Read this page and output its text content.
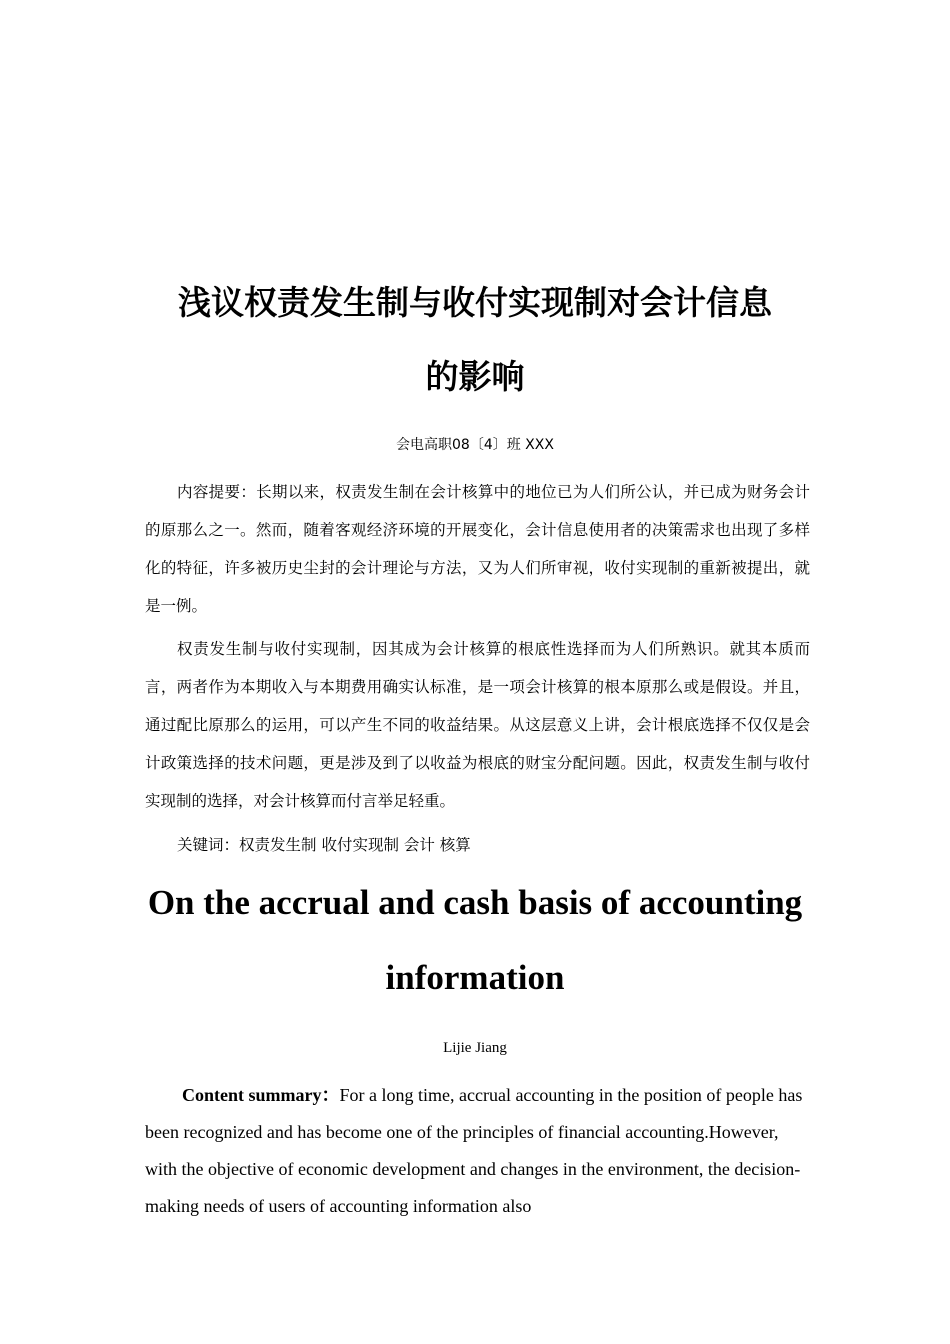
浅议权责发生制与收付实现制对会计信息
的影响
会电高职08〔4〕班 XXX

内容提要：长期以来，权责发生制在会计核算中的地位已为人们所公认，并已成为财务会计的原那么之一。然而，随着客观经济环境的开展变化，会计信息使用者的决策需求也出现了多样化的特征，许多被历史尘封的会计理论与方法，又为人们所审视，收付实现制的重新被提出，就是一例。

权责发生制与收付实现制，因其成为会计核算的根底性选择而为人们所熟识。就其本质而言，两者作为本期收入与本期费用确实认标准，是一项会计核算的根本原那么或是假设。并且，通过配比原那么的运用，可以产生不同的收益结果。从这层意义上讲，会计根底选择不仅仅是会计政策选择的技术问题，更是涉及到了以收益为根底的财宝分配问题。因此，权责发生制与收付实现制的选择，对会计核算而付言举足轻重。

关键词：权责发生制 收付实现制 会计 核算

On the accrual and cash basis of accounting
information
Lijie Jiang

Content summary：For a long time, accrual accounting in the position of people has been recognized and has become one of the principles of financial accounting.However, with the objective of economic development and changes in the environment, the decision-making needs of users of accounting information also
